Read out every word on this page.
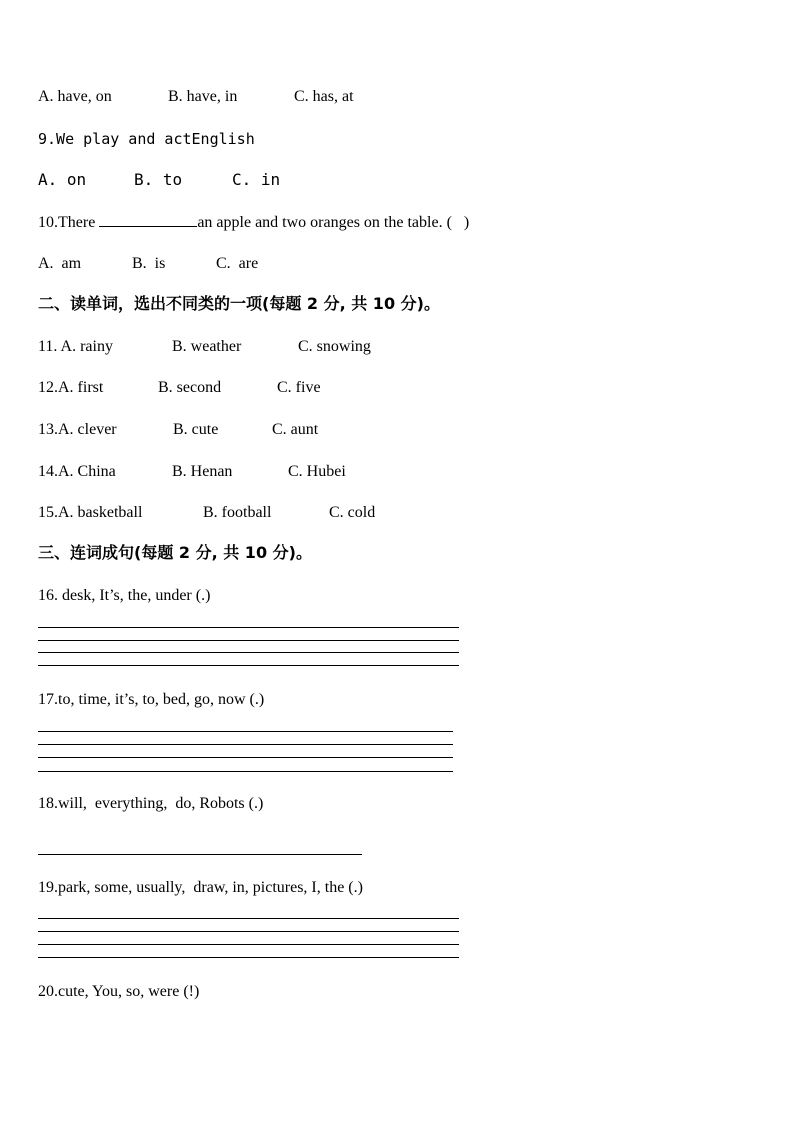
A. have, on	B. have, in	C. has, at
9.We play and actEnglish
A. on	B. to	C. in
10.There	an apple and two oranges on the table. (   )
A.  am	B.  is	C.  are
二、读单词，选出不同类的一项(每题 2 分, 共 10 分)。
11. A. rainy	B. weather	C. snowing
12.A. first	B. second	C. five
13.A. clever	B. cute	C. aunt
14.A. China	B. Henan	C. Hubei
15.A. basketball	B. football	C. cold
三、连词成句(每题 2 分, 共 10 分)。
16. desk, It’s, the, under (.)
17.to, time, it’s, to, bed, go, now (.)
18.will,  everything,  do, Robots (.)
19.park, some, usually,  draw, in, pictures, I, the (.)
20.cute, You, so, were (!)
